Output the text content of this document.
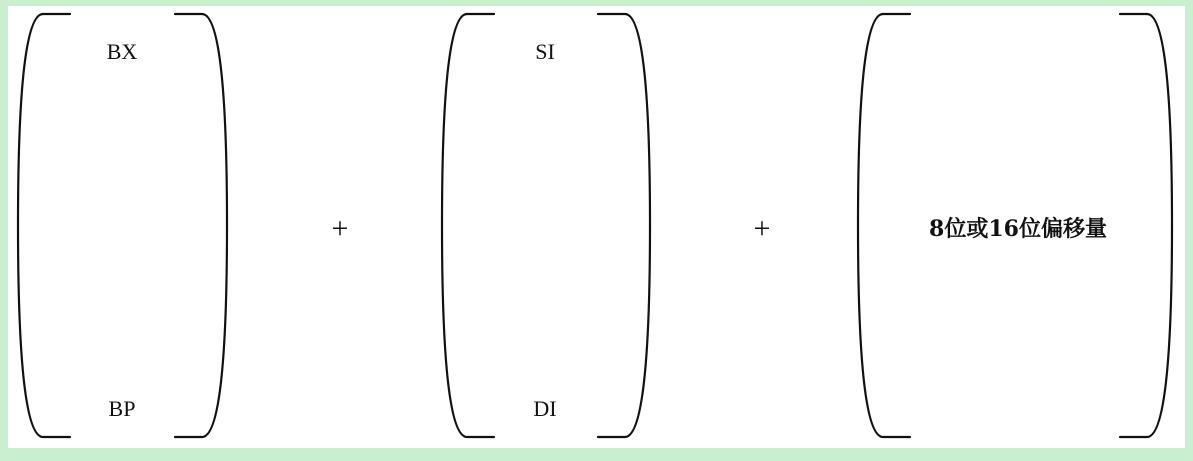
BX
BP
+
SI
DI
+	8位或16位偏移量
